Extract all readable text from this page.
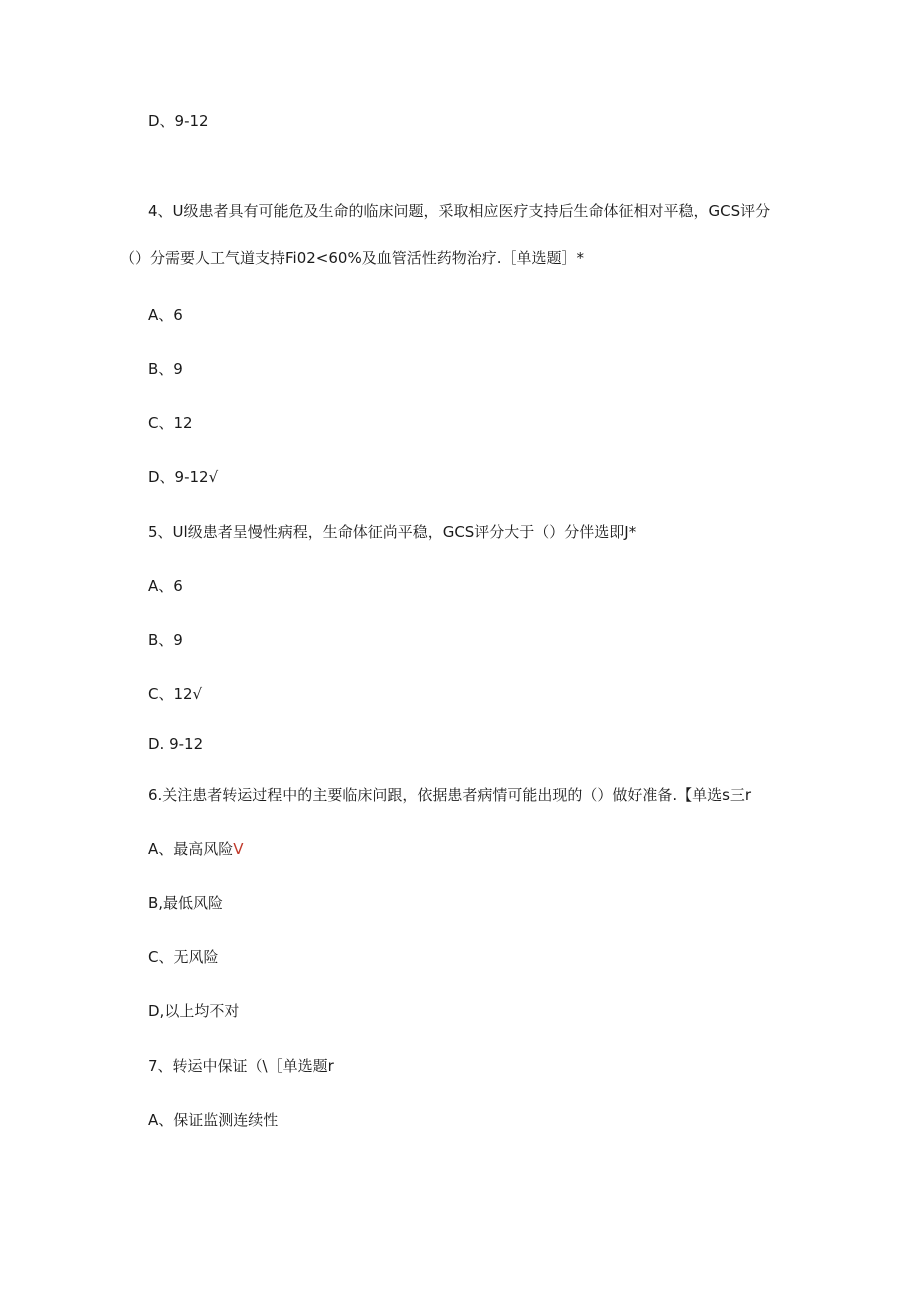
D、9-12
4、U级患者具有可能危及生命的临床问题，采取相应医疗支持后生命体征相对平稳，GCS评分
（）分需要人工气道支持Fi02<60%及血管活性药物治疗.［单选题］*
A、6
B、9
C、12
D、9-12√
5、Ul级患者呈慢性病程，生命体征尚平稳，GCS评分大于（）分伴选即J*
A、6
B、9
C、12√
D. 9-12
6.关注患者转运过程中的主要临床问跟，依据患者病情可能出现的（）做好准备.【单选s三r
A、最高风险V
B,最低风险
C、无风险
D,以上均不对
7、转运中保证（\［单选题r
A、保证监测连续性
